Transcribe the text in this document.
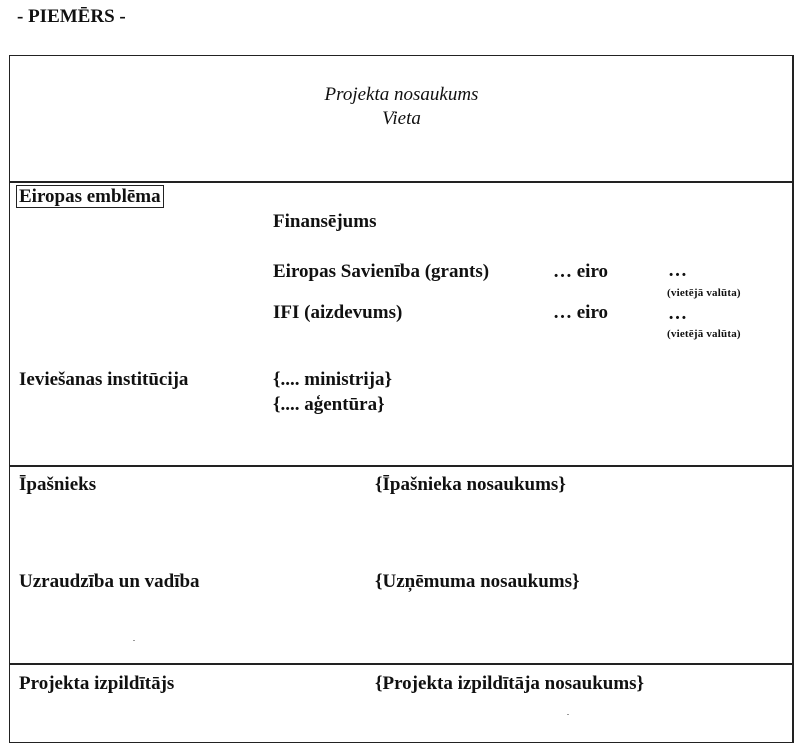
- PIEMĒRS -
Projekta nosaukums
Vieta
Eiropas emblēma
Finansējums
Eiropas Savienība (grants)	… eiro	…
(vietējā valūta)
IFI (aizdevums)	… eiro	…
(vietējā valūta)
Ieviešanas institūcija	{.... ministrija}
{.... aģentūra}
Īpašnieks	{Īpašnieka nosaukums}
Uzraudzība un vadība	{Uzņēmuma nosaukums}
Projekta izpildītājs	{Projekta izpildītāja nosaukums}
